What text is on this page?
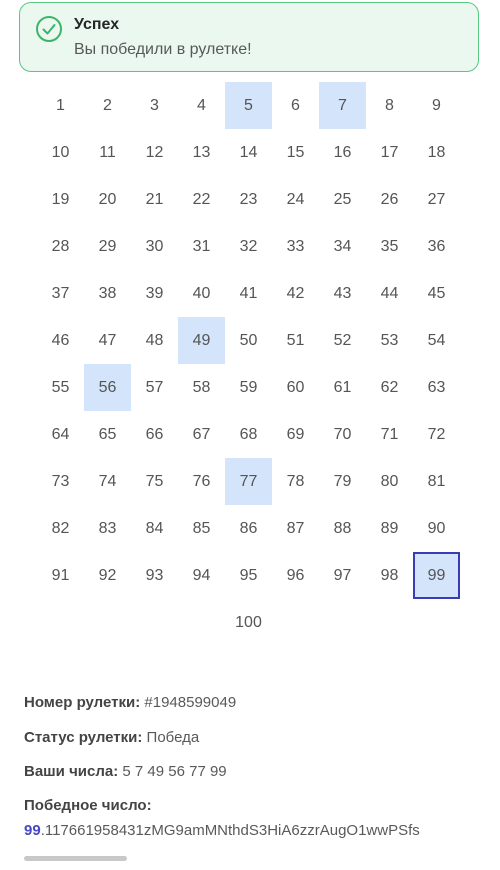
Успех
Вы победили в рулетке!
1	2	3	4	5	6	7	8	9
10	11	12	13	14	15	16	17	18
19	20	21	22	23	24	25	26	27
28	29	30	31	32	33	34	35	36
37	38	39	40	41	42	43	44	45
46	47	48	49	50	51	52	53	54
55	56	57	58	59	60	61	62	63
64	65	66	67	68	69	70	71	72
73	74	75	76	77	78	79	80	81
82	83	84	85	86	87	88	89	90
91	92	93	94	95	96	97	98	99
100
Номер рулетки: #1948599049
Статус рулетки: Победа
Ваши числа: 5 7 49 56 77 99
Победное число:
99.117661958431zMG9amMNthdS3HiA6zzrAugO1wwPSfs
